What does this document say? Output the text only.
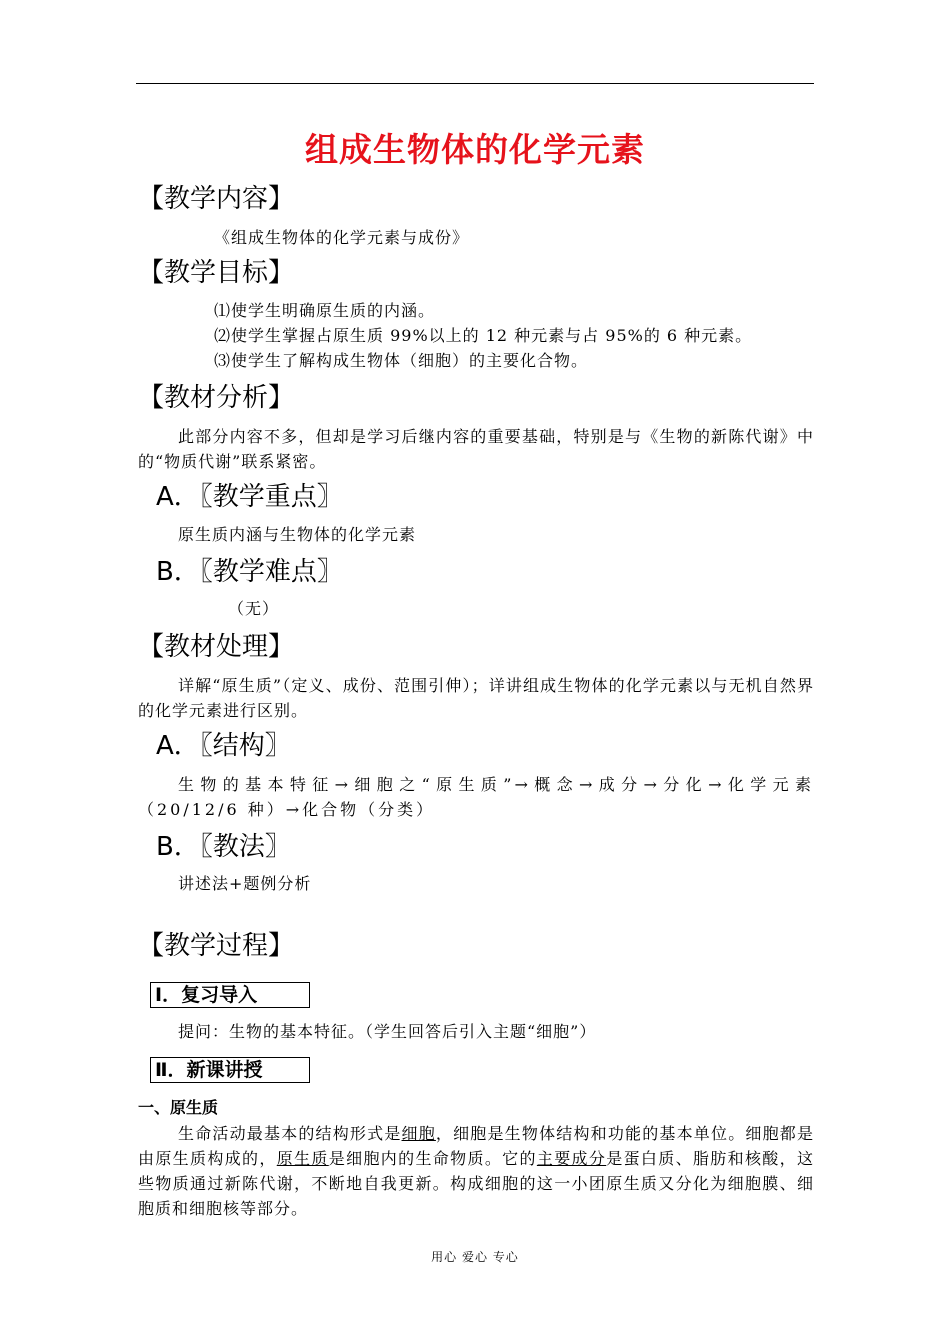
组成生物体的化学元素
【教学内容】
《组成生物体的化学元素与成份》
【教学目标】
⑴使学生明确原生质的内涵。
⑵使学生掌握占原生质 99%以上的 12 种元素与占 95%的 6 种元素。
⑶使学生了解构成生物体（细胞）的主要化合物。
【教材分析】
此部分内容不多，但却是学习后继内容的重要基础，特别是与《生物的新陈代谢》中的“物质代谢”联系紧密。
A．〖教学重点〗
原生质内涵与生物体的化学元素
B．〖教学难点〗
（无）
【教材处理】
详解“原生质”（定义、成份、范围引伸）；详讲组成生物体的化学元素以与无机自然界的化学元素进行区别。
A．〖结构〗
生物的基本特征→细胞之“原生质”→概念→成分→分化→化学元素（20/12/6 种）→化合物（分类）
B．〖教法〗
讲述法+题例分析
【教学过程】
Ⅰ．复习导入
提问：生物的基本特征。（学生回答后引入主题“细胞”）
Ⅱ．新课讲授
一、原生质
生命活动最基本的结构形式是细胞，细胞是生物体结构和功能的基本单位。细胞都是由原生质构成的，原生质是细胞内的生命物质。它的主要成分是蛋白质、脂肪和核酸，这些物质通过新陈代谢，不断地自我更新。构成细胞的这一小团原生质又分化为细胞膜、细胞质和细胞核等部分。
用心 爱心 专心
